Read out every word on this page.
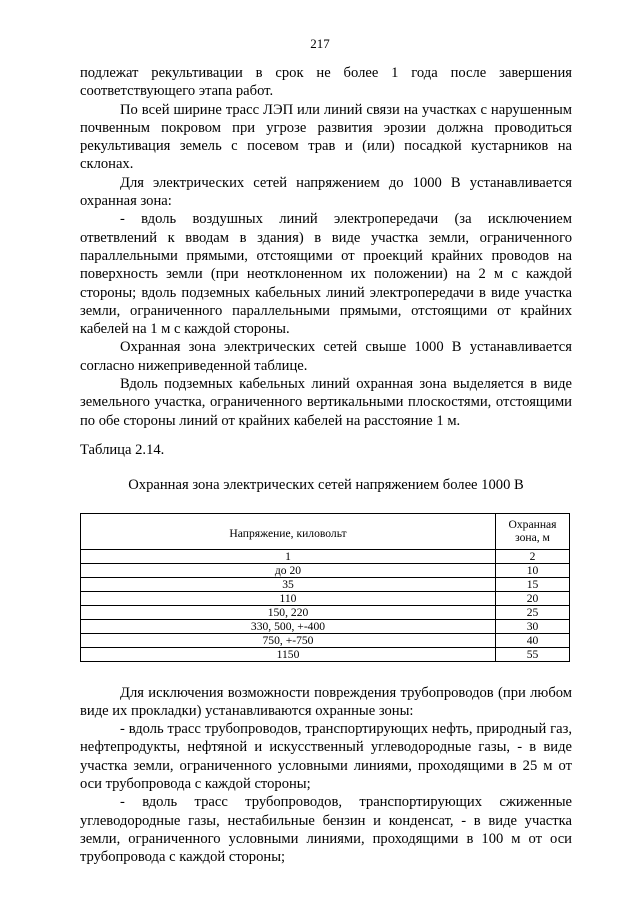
217

подлежат рекультивации в срок не более 1 года после завершения соответствующего этапа работ.

По всей ширине трасс ЛЭП или линий связи на участках с нарушенным почвенным покровом при угрозе развития эрозии должна проводиться рекультивация земель с посевом трав и (или) посадкой кустарников на склонах.

Для электрических сетей напряжением до 1000 В устанавливается охранная зона:

- вдоль воздушных линий электропередачи (за исключением ответвлений к вводам в здания) в виде участка земли, ограниченного параллельными прямыми, отстоящими от проекций крайних проводов на поверхность земли (при неотклоненном их положении) на 2 м с каждой стороны; вдоль подземных кабельных линий электропередачи в виде участка земли, ограниченного параллельными прямыми, отстоящими от крайних кабелей на 1 м с каждой стороны.

Охранная зона электрических сетей свыше 1000 В устанавливается согласно нижеприведенной таблице.

Вдоль подземных кабельных линий охранная зона выделяется в виде земельного участка, ограниченного вертикальными плоскостями, отстоящими по обе стороны линий от крайних кабелей на расстояние 1 м.

Таблица 2.14.

Охранная зона электрических сетей напряжением более 1000 В

Напряжение, киловольт	Охранная зона, м
1	2
до 20	10
35	15
110	20
150, 220	25
330, 500, +-400	30
750, +-750	40
1150	55

Для исключения возможности повреждения трубопроводов (при любом виде их прокладки) устанавливаются охранные зоны:

- вдоль трасс трубопроводов, транспортирующих нефть, природный газ, нефтепродукты, нефтяной и искусственный углеводородные газы, - в виде участка земли, ограниченного условными линиями, проходящими в 25 м от оси трубопровода с каждой стороны;

- вдоль трасс трубопроводов, транспортирующих сжиженные углеводородные газы, нестабильные бензин и конденсат, - в виде участка земли, ограниченного условными линиями, проходящими в 100 м от оси трубопровода с каждой стороны;
